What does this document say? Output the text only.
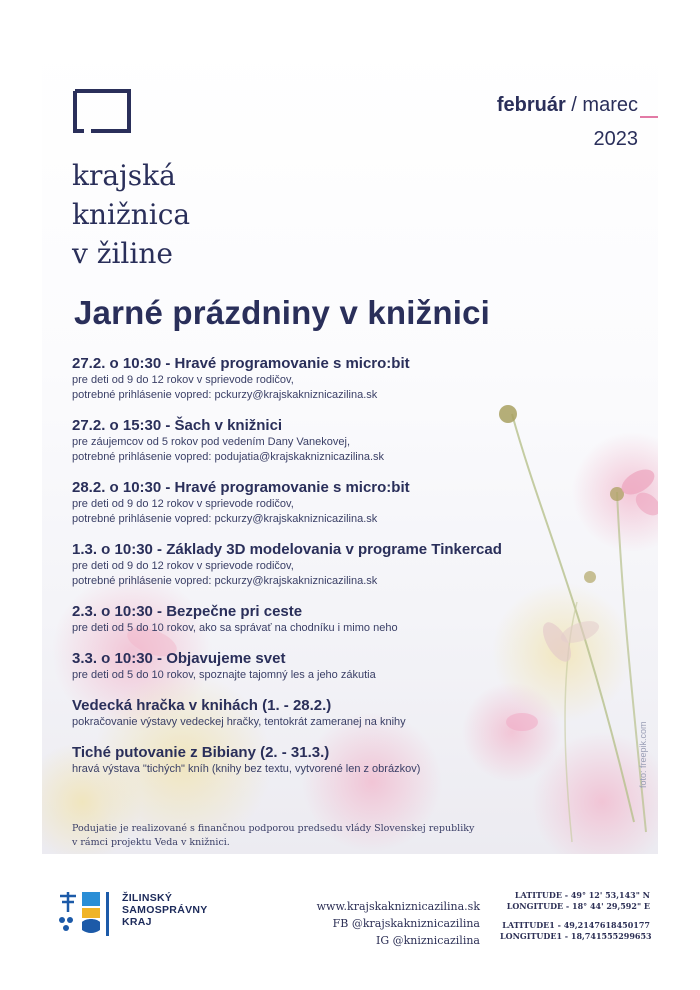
krajská
knižnica
v žiline
február / marec
2023
Jarné prázdniny v knižnici
27.2. o 10:30 - Hravé programovanie s micro:bit
pre deti od 9 do 12 rokov v sprievode rodičov,
potrebné prihlásenie vopred: pckurzy@krajskakniznicazilina.sk
27.2. o 15:30 - Šach v knižnici
pre záujemcov od 5 rokov pod vedením Dany Vanekovej,
potrebné prihlásenie vopred: podujatia@krajskakniznicazilina.sk
28.2. o 10:30 - Hravé programovanie s micro:bit
pre deti od 9 do 12 rokov v sprievode rodičov,
potrebné prihlásenie vopred: pckurzy@krajskakniznicazilina.sk
1.3. o 10:30 - Základy 3D modelovania v programe Tinkercad
pre deti od 9 do 12 rokov v sprievode rodičov,
potrebné prihlásenie vopred: pckurzy@krajskakniznicazilina.sk
2.3. o 10:30 - Bezpečne pri ceste
pre deti od 5 do 10 rokov, ako sa správať na chodníku i mimo neho
3.3. o 10:30 - Objavujeme svet
pre deti od 5 do 10 rokov, spoznajte tajomný les a jeho zákutia
Vedecká hračka v knihách (1. - 28.2.)
pokračovanie výstavy vedeckej hračky, tentokrát zameranej na knihy
Tiché putovanie z Bibiany (2. - 31.3.)
hravá výstava "tichých" kníh (knihy bez textu, vytvorené len z obrázkov)
Podujatie je realizované s finančnou podporou predsedu vlády Slovenskej republiky
v rámci projektu Veda v knižnici.
foto: freepik.com
ŽILINSKÝ
SAMOSPRÁVNY
KRAJ
www.krajskakniznicazilina.sk
FB @krajskakniznicazilina
IG @kniznicazilina
LATITUDE - 49° 12' 53,143" N
LONGITUDE - 18° 44' 29,592" E
LATITUDE1 - 49,2147618450177
LONGITUDE1 - 18,741555299653
